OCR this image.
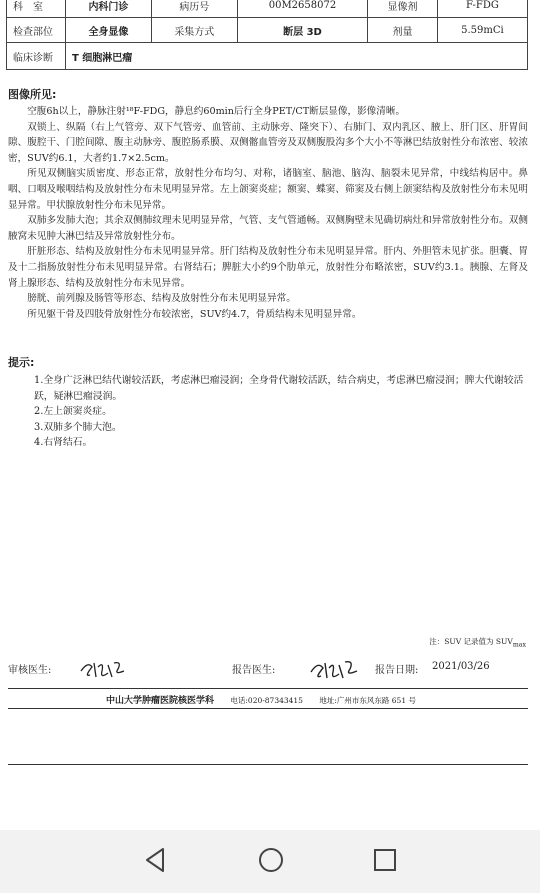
科　室	内科门诊	病历号	00M2658072	显像剂	F-FDG
检查部位	全身显像	采集方式	断层 3D	剂量	5.59mCi
临床诊断	T 细胞淋巴瘤				
图像所见:

空腹6h以上，静脉注射¹⁸F-FDG，静息约60min后行全身PET/CT断层显像，影像清晰。

双锁上、纵隔（右上气管旁、双下气管旁、血管前、主动脉旁、隆突下）、右肺门、双内乳区、腋上、肝门区、肝胃间隙、腹腔干、门腔间隙、腹主动脉旁、腹腔肠系膜、双侧髂血管旁及双侧腹股沟多个大小不等淋巴结放射性分布浓密、较浓密，SUV约6.1，大者约1.7×2.5cm。

所见双侧脑实质密度、形态正常，放射性分布均匀、对称，诸脑室、脑池、脑沟、脑裂未见异常，中线结构居中。鼻咽、口咽及喉咽结构及放射性分布未见明显异常。左上颌窦炎症；额窦、蝶窦、筛窦及右侧上颌窦结构及放射性分布未见明显异常。甲状腺放射性分布未见异常。

双肺多发肺大泡；其余双侧肺纹理未见明显异常，气管、支气管通畅。双侧胸壁未见确切病灶和异常放射性分布。双侧腋窝未见肿大淋巴结及异常放射性分布。

肝脏形态、结构及放射性分布未见明显异常。肝门结构及放射性分布未见明显异常。肝内、外胆管未见扩张。胆囊、胃及十二指肠放射性分布未见明显异常。右肾结石；脾脏大小约9个肋单元，放射性分布略浓密，SUV约3.1。胰腺、左肾及肾上腺形态、结构及放射性分布未见异常。

膀胱、前列腺及肠管等形态、结构及放射性分布未见明显异常。

所见躯干骨及四肢骨放射性分布较浓密，SUV约4.7，骨质结构未见明显异常。

提示:

1.全身广泛淋巴结代谢较活跃，考虑淋巴瘤浸润；全身骨代谢较活跃，结合病史，考虑淋巴瘤浸润；脾大代谢较活跃，疑淋巴瘤浸润。

2.左上颌窦炎症。

3.双肺多个肺大泡。

4.右肾结石。

注：SUV 记录值为 $SUV_{max}$
审核医生:	报告医生:	报告日期: 2021/03/26
中山大学肿瘤医院核医学科 电话:020-87343415 地址:广州市东风东路 651 号
